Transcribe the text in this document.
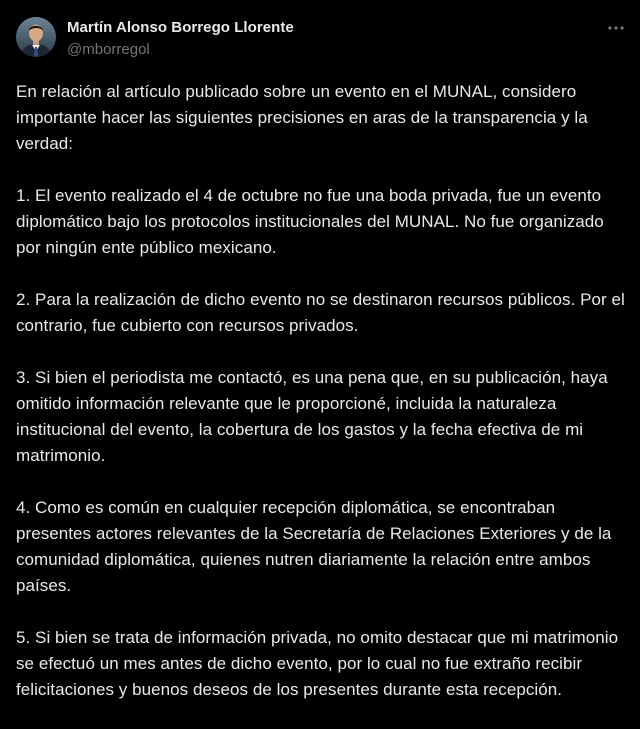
Martín Alonso Borrego Llorente
@mborregol

En relación al artículo publicado sobre un evento en el MUNAL, considero importante hacer las siguientes precisiones en aras de la transparencia y la verdad:

1. El evento realizado el 4 de octubre no fue una boda privada, fue un evento diplomático bajo los protocolos institucionales del MUNAL. No fue organizado por ningún ente público mexicano.

2. Para la realización de dicho evento no se destinaron recursos públicos. Por el contrario, fue cubierto con recursos privados.

3. Si bien el periodista me contactó, es una pena que, en su publicación, haya omitido información relevante que le proporcioné, incluida la naturaleza institucional del evento, la cobertura de los gastos y la fecha efectiva de mi matrimonio.

4. Como es común en cualquier recepción diplomática, se encontraban presentes actores relevantes de la Secretaría de Relaciones Exteriores y de la comunidad diplomática, quienes nutren diariamente la relación entre ambos países.

5. Si bien se trata de información privada, no omito destacar que mi matrimonio se efectuó un mes antes de dicho evento, por lo cual no fue extraño recibir felicitaciones y buenos deseos de los presentes durante esta recepción.
